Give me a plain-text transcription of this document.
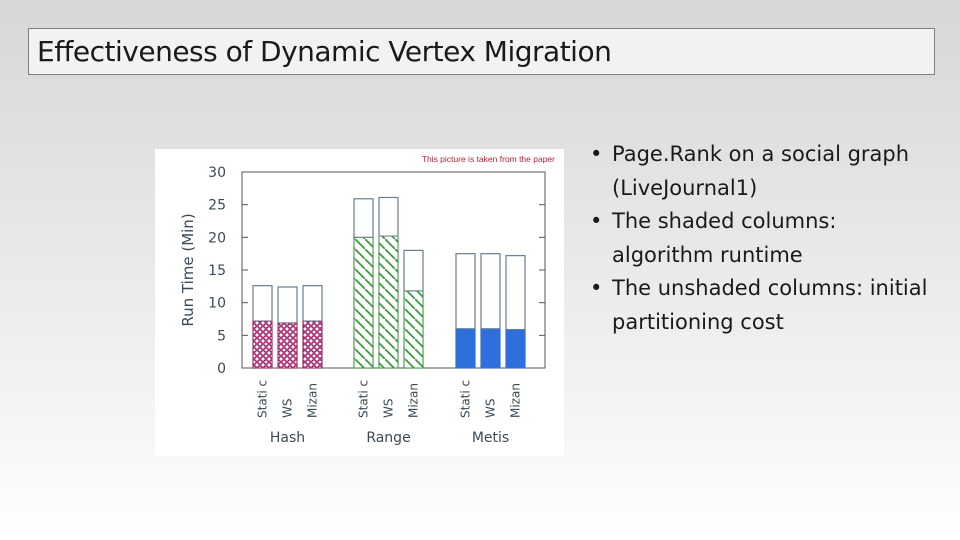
Effectiveness of Dynamic Vertex Migration
This picture is taken from the paper
0
5
10
15
20
25
30
Run Time (Min)
Stati c WS Mizan
Hash
Stati c WS Mizan
Range
Stati c WS Mizan
Metis
• Page.Rank on a social graph (LiveJournal1)
• The shaded columns: algorithm runtime
• The unshaded columns: initial partitioning cost
